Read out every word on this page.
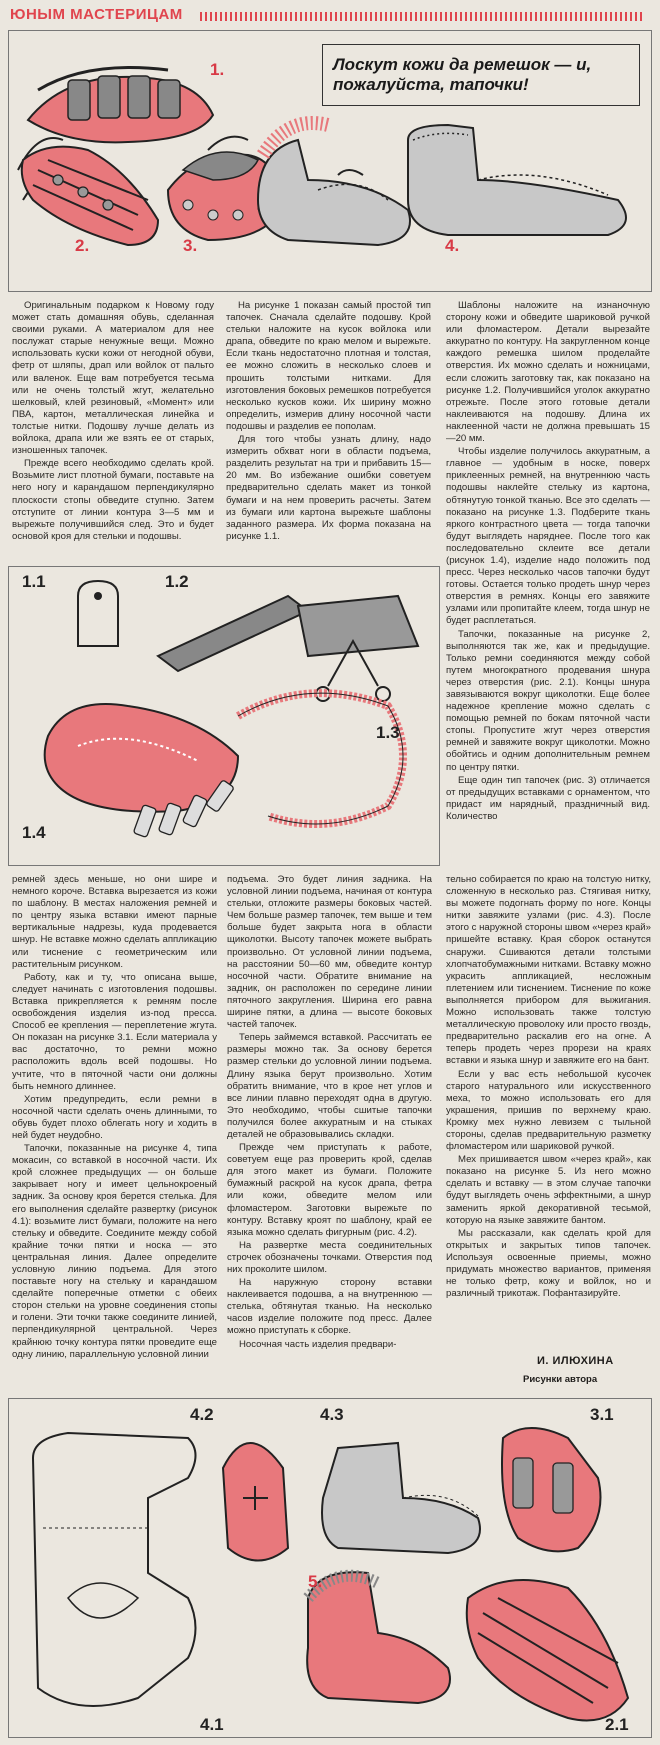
ЮНЫМ МАСТЕРИЦАМ
1.
2.	3.	4.
Лоскут кожи да ремешок — и, пожалуйста, тапочки!

Оригинальным подарком к Новому году может стать домашняя обувь, сделанная своими руками. А материалом для нее послужат старые ненужные вещи. Можно использовать куски кожи от негодной обуви, фетр от шляпы, драп или войлок от пальто или валенок. Еще вам потребуется тесьма или не очень толстый жгут, желательно шелковый, клей резиновый, «Момент» или ПВА, картон, металлическая линейка и толстые нитки. Подошву лучше делать из войлока, драпа или же взять ее от старых, изношенных тапочек.

Прежде всего необходимо сделать крой. Возьмите лист плотной бумаги, поставьте на него ногу и карандашом перпендикулярно плоскости стопы обведите ступню. Затем отступите от линии контура 3—5 мм и вырежьте получившийся след. Это и будет основой кроя для стельки и подошвы.

На рисунке 1 показан самый простой тип тапочек. Сначала сделайте подошву. Крой стельки наложите на кусок войлока или драпа, обведите по краю мелом и вырежьте. Если ткань недостаточно плотная и толстая, ее можно сложить в несколько слоев и прошить толстыми нитками. Для изготовления боковых ремешков потребуется несколько кусков кожи. Их ширину можно определить, измерив длину носочной части подошвы и разделив ее пополам.

Для того чтобы узнать длину, надо измерить обхват ноги в области подъема, разделить результат на три и прибавить 15—20 мм. Во избежание ошибки советуем предварительно сделать макет из тонкой бумаги и на нем проверить расчеты. Затем из бумаги или картона вырежьте шаблоны заданного размера. Их форма показана на рисунке 1.1.

Шаблоны наложите на изнаночную сторону кожи и обведите шариковой ручкой или фломастером. Детали вырезайте аккуратно по контуру. На закругленном конце каждого ремешка шилом проделайте отверстия. Их можно сделать и ножницами, если сложить заготовку так, как показано на рисунке 1.2. Получившийся уголок аккуратно отрежьте. После этого готовые детали наклеиваются на подошву. Длина их наклеенной части не должна превышать 15—20 мм.

Чтобы изделие получилось аккуратным, а главное — удобным в носке, поверх приклеенных ремней, на внутреннюю часть подошвы наклейте стельку из картона, обтянутую тонкой тканью. Все это сделать — показано на рисунке 1.3. Подберите ткань яркого контрастного цвета — тогда тапочки будут выглядеть наряднее. После того как последовательно склеите все детали (рисунок 1.4), изделие надо положить под пресс. Через несколько часов тапочки будут готовы. Остается только продеть шнур через отверстия в ремнях. Концы его завяжите узлами или пропитайте клеем, тогда шнур не будет расплетаться.

Тапочки, показанные на рисунке 2, выполняются так же, как и предыдущие. Только ремни соединяются между собой путем многократного продевания шнура через отверстия (рис. 2.1). Концы шнура завязываются вокруг щиколотки. Еще более надежное крепление можно сделать с помощью ремней по бокам пяточной части стопы. Пропустите жгут через отверстия ремней и завяжите вокруг щиколотки. Можно обойтись и одним дополнительным ремнем по центру пятки.

Еще один тип тапочек (рис. 3) отличается от предыдущих вставками с орнаментом, что придаст им нарядный, праздничный вид. Количество

1.1	1.2
1.3
1.4

ремней здесь меньше, но они шире и немного короче. Вставка вырезается из кожи по шаблону. В местах наложения ремней и по центру языка вставки имеют парные вертикальные надрезы, куда продевается шнур. Не вставке можно сделать аппликацию или тиснение с геометрическим или растительным рисунком.

Работу, как и ту, что описана выше, следует начинать с изготовления подошвы. Вставка прикрепляется к ремням после освобождения изделия из-под пресса. Способ ее крепления — переплетение жгута. Он показан на рисунке 3.1. Если материала у вас достаточно, то ремни можно расположить вдоль всей подошвы. Но учтите, что в пяточной части они должны быть немного длиннее.

Хотим предупредить, если ремни в носочной части сделать очень длинными, то обувь будет плохо облегать ногу и ходить в ней будет неудобно.

Тапочки, показанные на рисунке 4, типа мокасин, со вставкой в носочной части. Их крой сложнее предыдущих — он больше закрывает ногу и имеет цельнокроеный задник. За основу кроя берется стелька. Для его выполнения сделайте развертку (рисунок 4.1): возьмите лист бумаги, положите на него стельку и обведите. Соедините между собой крайние точки пятки и носка — это центральная линия. Далее определите условную линию подъема. Для этого поставьте ногу на стельку и карандашом сделайте поперечные отметки с обеих сторон стельки на уровне соединения стопы и голени. Эти точки также соедините линией, перпендикулярной центральной. Через крайнюю точку контура пятки проведите еще одну линию, параллельную условной линии

подъема. Это будет линия задника. На условной линии подъема, начиная от контура стельки, отложите размеры боковых частей. Чем больше размер тапочек, тем выше и тем больше будет закрыта нога в области щиколотки. Высоту тапочек можете выбрать произвольно. От условной линии подъема, на расстоянии 50—60 мм, обведите контур носочной части. Обратите внимание на задник, он расположен по середине линии пяточного закругления. Ширина его равна ширине пятки, а длина — высоте боковых частей тапочек.

Теперь займемся вставкой. Рассчитать ее размеры можно так. За основу берется размер стельки до условной линии подъема. Длину языка берут произвольно. Хотим обратить внимание, что в крое нет углов и все линии плавно переходят одна в другую. Это необходимо, чтобы сшитые тапочки получился более аккуратным и на стыках деталей не образовывались складки.

Прежде чем приступать к работе, советуем еще раз проверить крой, сделав для этого макет из бумаги. Положите бумажный раскрой на кусок драпа, фетра или кожи, обведите мелом или фломастером. Заготовки вырежьте по контуру. Вставку кроят по шаблону, край ее языка можно сделать фигурным (рис. 4.2).

На развертке места соединительных строчек обозначены точками. Отверстия под них проколите шилом.

На наружную сторону вставки наклеивается подошва, а на внутреннюю — стелька, обтянутая тканью. На несколько часов изделие положите под пресс. Далее можно приступать к сборке.

Носочная часть изделия предвари-

тельно собирается по краю на толстую нитку, сложенную в несколько раз. Стягивая нитку, вы можете подогнать форму по ноге. Концы нитки завяжите узлами (рис. 4.3). После этого с наружной стороны швом «через край» пришейте вставку. Края сборок останутся снаружи. Сшиваются детали толстыми хлопчатобумажными нитками. Вставку можно украсить аппликацией, несложным плетением или тиснением. Тиснение по коже выполняется прибором для выжигания. Можно использовать также толстую металлическую проволоку или просто гвоздь, предварительно раскалив его на огне. А теперь продеть через прорези на краях вставки и языка шнур и завяжите его на бант.

Если у вас есть небольшой кусочек старого натурального или искусственного меха, то можно использовать его для украшения, пришив по верхнему краю. Кромку мех нужно левизем с тыльной стороны, сделав предварительную разметку фломастером или шариковой ручкой.

Мех пришивается швом «через край», как показано на рисунке 5. Из него можно сделать и вставку — в этом случае тапочки будут выглядеть очень эффектными, а шнур заменить яркой декоративной тесьмой, которую на языке завяжите бантом.

Мы рассказали, как сделать крой для открытых и закрытых типов тапочек. Используя освоенные приемы, можно придумать множество вариантов, применяя не только фетр, кожу и войлок, но и различный трикотаж. Пофантазируйте.

И. ИЛЮХИНА
Рисунки автора
4.2	4.3	3.1
5.
4.1	2.1
